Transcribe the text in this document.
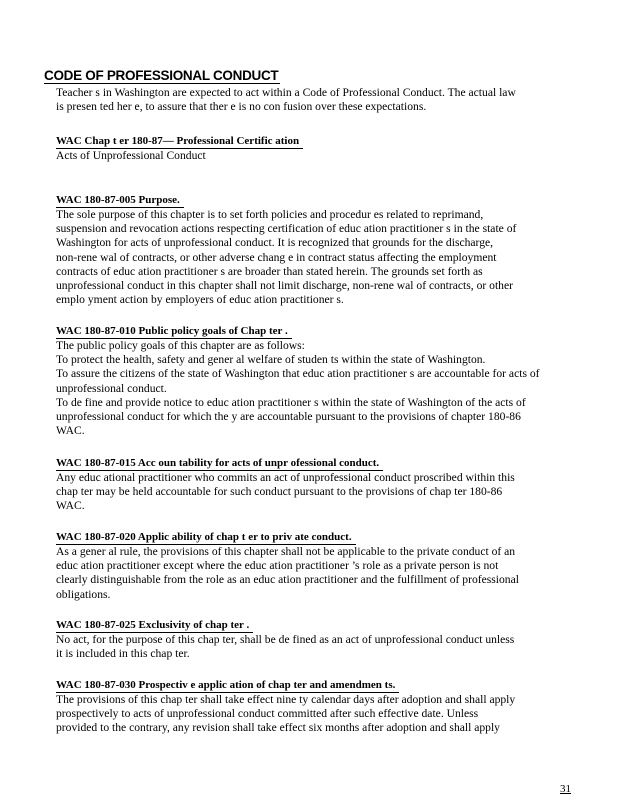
CODE OF PROFESSIONAL CONDUCT
Teacher s in Washington are expected to act within a Code of Professional Conduct. The actual law
is presen ted her e, to assure that ther e is no con fusion over these expectations.
WAC Chap t er 180-87— Professional Certific ation
Acts of Unprofessional Conduct
WAC 180-87-005 Purpose.

The sole purpose of this chapter is to set forth policies and procedur es related to reprimand,

suspension and revocation actions respecting certification of educ ation practitioner s in the state of

Washington for acts of unprofessional conduct. It is recognized that grounds for the discharge,

non-rene wal of contracts, or other adverse chang e in contract status affecting the employment

contracts of educ ation practitioner s are broader than stated herein. The grounds set forth as

unprofessional conduct in this chapter shall not limit discharge, non-rene wal of contracts, or other

emplo yment action by employers of educ ation practitioner s.

WAC 180-87-010 Public policy goals of Chap ter .

The public policy goals of this chapter are as follows:

To protect the health, safety and gener al welfare of studen ts within the state of Washington.

To assure the citizens of the state of Washington that educ ation practitioner s are accountable for acts of

unprofessional conduct.

To de fine and provide notice to educ ation practitioner s within the state of Washington of the acts of

unprofessional conduct for which the y are accountable pursuant to the provisions of chapter 180-86

WAC.

WAC 180-87-015 Acc oun tability for acts of unpr ofessional conduct.

Any educ ational practitioner who commits an act of unprofessional conduct proscribed within this

chap ter may be held accountable for such conduct pursuant to the provisions of chap ter 180-86

WAC.

WAC 180-87-020 Applic ability of chap t er to priv ate conduct.

As a gener al rule, the provisions of this chapter shall not be applicable to the private conduct of an

educ ation practitioner except where the educ ation practitioner ’s role as a private person is not

clearly distinguishable from the role as an educ ation practitioner and the fulfillment of professional

obligations.

WAC 180-87-025 Exclusivity of chap ter .

No act, for the purpose of this chap ter, shall be de fined as an act of unprofessional conduct unless

it is included in this chap ter.

WAC 180-87-030 Prospectiv e applic ation of chap ter and amendmen ts.

The provisions of this chap ter shall take effect nine ty calendar days after adoption and shall apply

prospectively to acts of unprofessional conduct committed after such effective date. Unless

provided to the contrary, any revision shall take effect six months after adoption and shall apply

31
